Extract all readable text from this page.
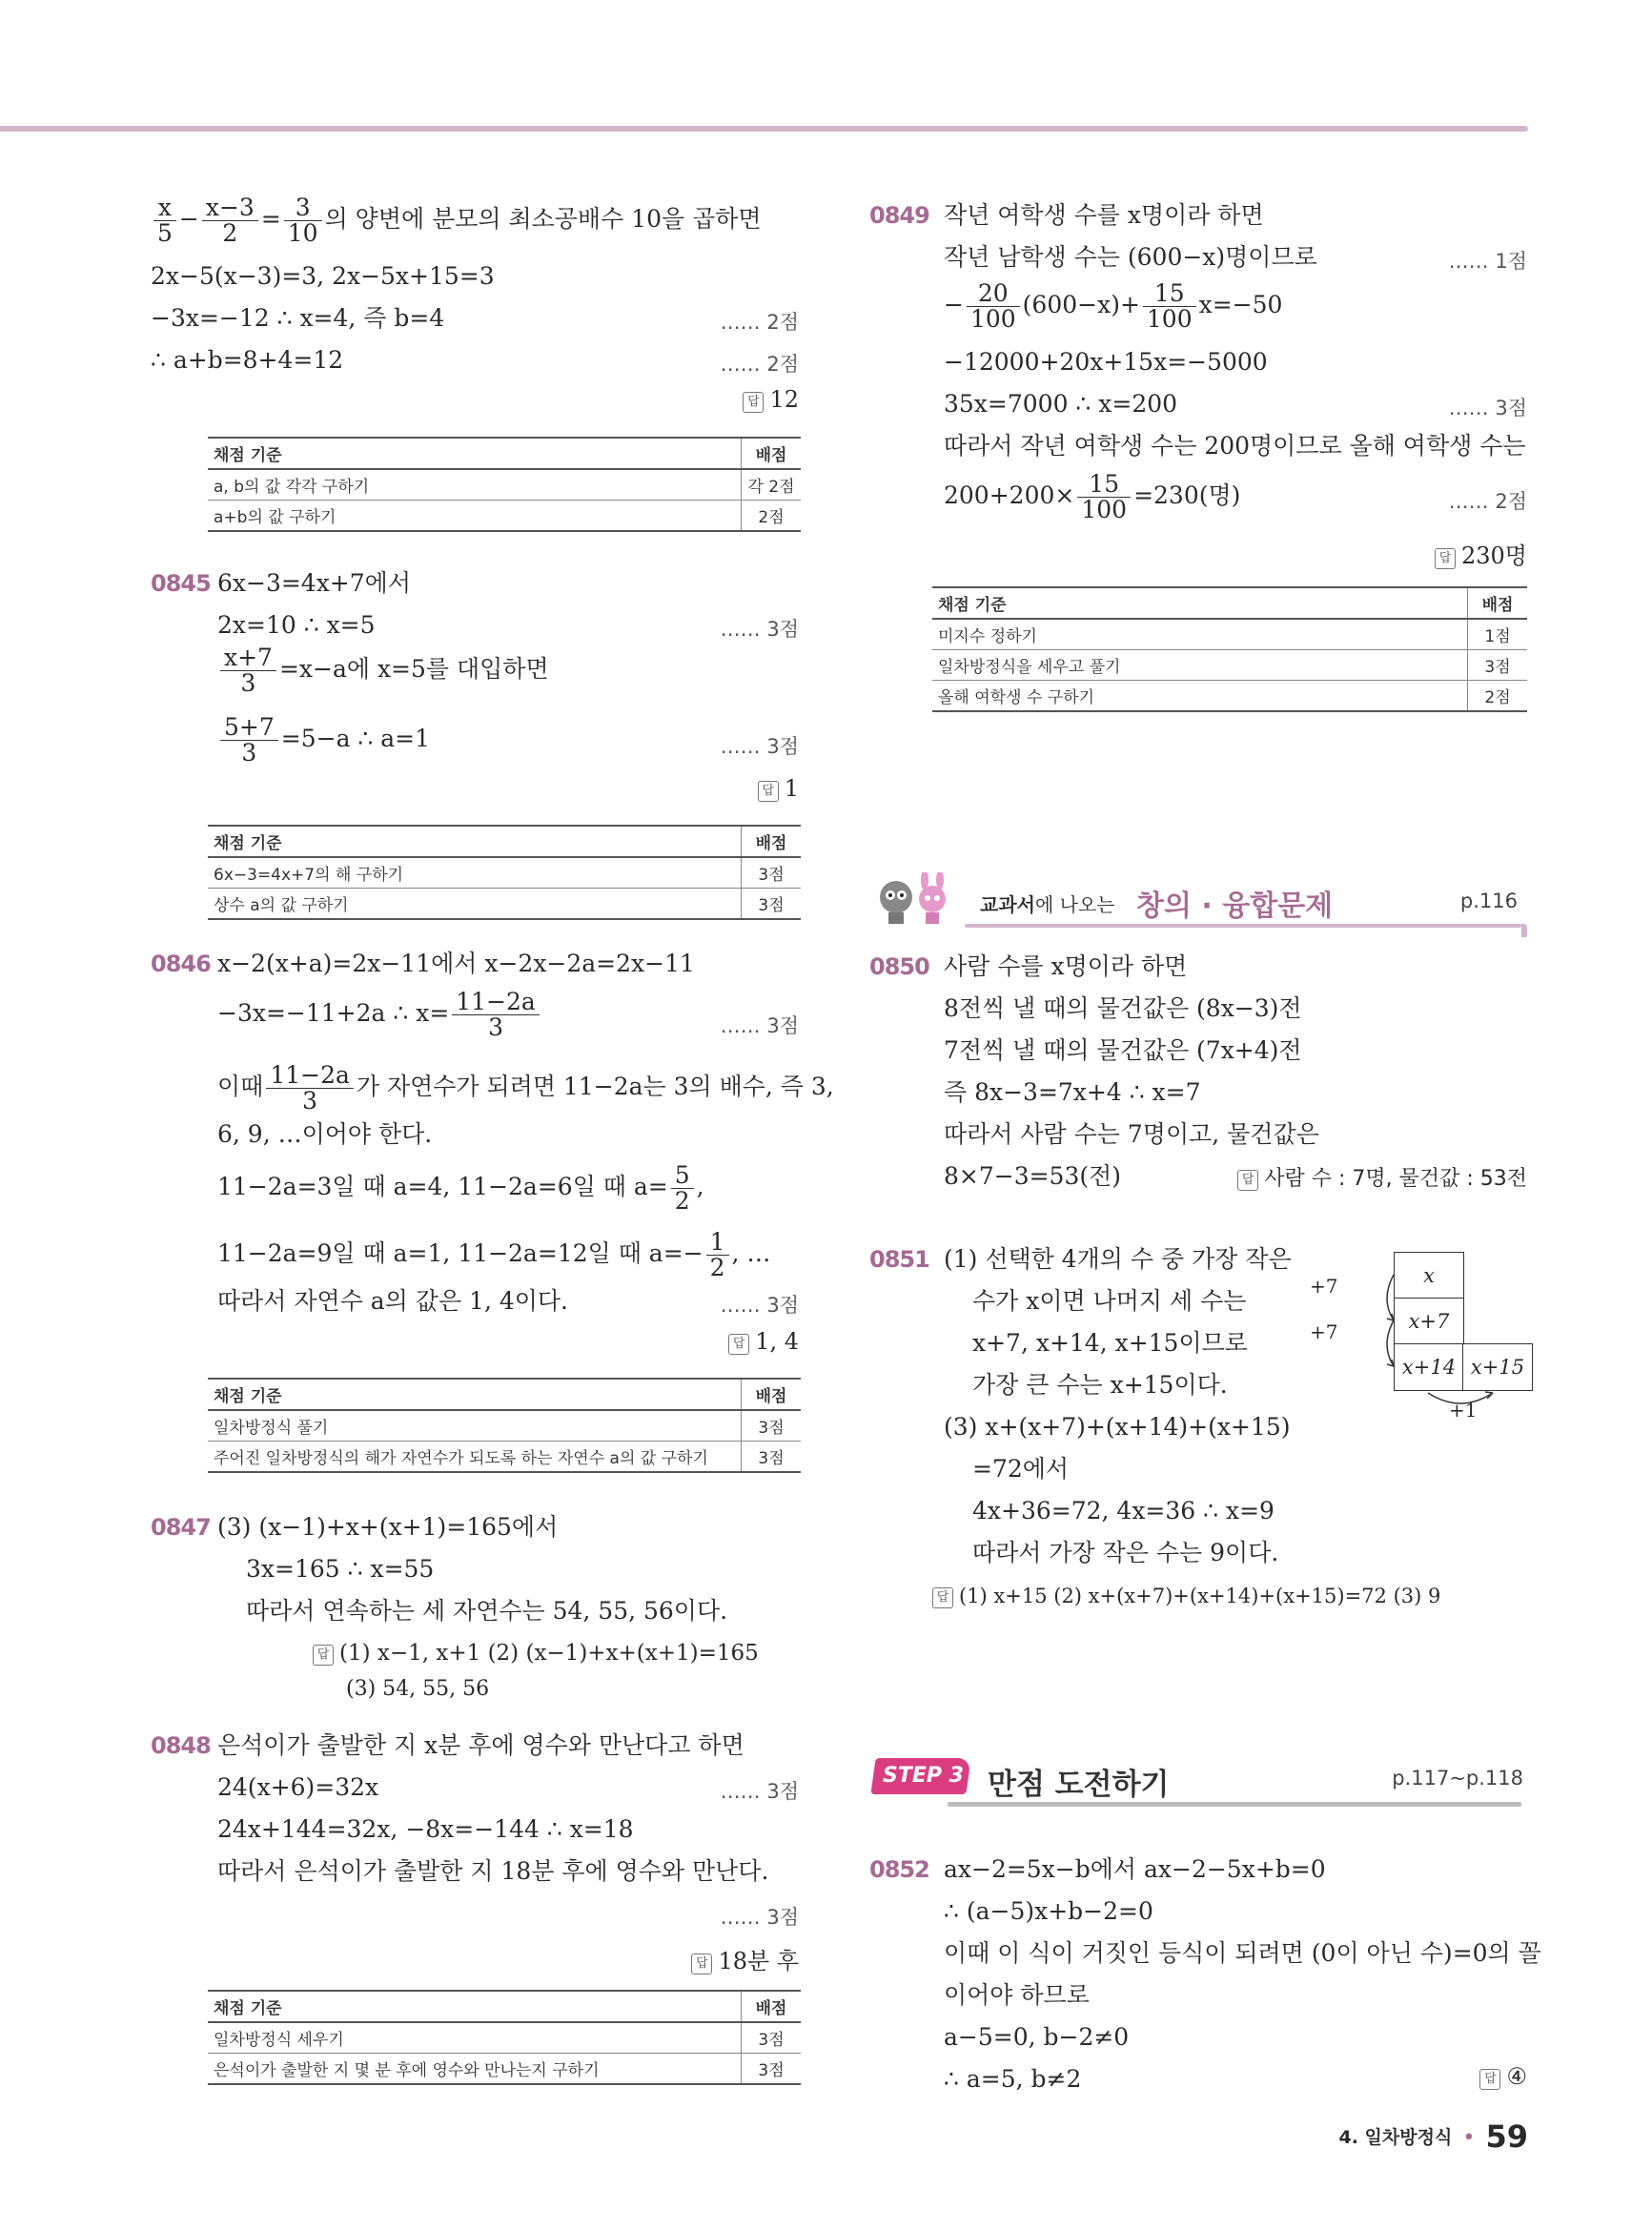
$\frac{x}{5} - \frac{x-3}{2} = \frac{3}{10}$ 의 양변에 분모의 최소공배수 10을 곱하면
2x−5(x−3)=3, 2x−5x+15=3
−3x=−12 ∴ x=4, 즉 b=4	…… 2점
∴ a+b=8+4=12	…… 2점
답 12
채점 기준	배점
a, b의 값 각각 구하기	각 2점
a+b의 값 구하기	2점
0845 6x−3=4x+7에서
2x=10 ∴ x=5	…… 3점
$\frac{x+7}{3} =x-a$에 x=5를 대입하면
$\frac{5+7}{3} =5-a$ ∴ a=1	…… 3점
답 1
채점 기준	배점
6x−3=4x+7의 해 구하기	3점
상수 a의 값 구하기	3점
0846 x−2(x+a)=2x−11에서 x−2x−2a=2x−11
−3x=−11+2a ∴ $x= \frac{11-2a}{3}$	…… 3점
이때 $\frac{11-2a}{3}$ 가 자연수가 되려면 11−2a는 3의 배수, 즉 3,
6, 9, …이어야 한다.
11−2a=3일 때 a=4, 11−2a=6일 때 $a= \frac{5}{2}$ ,
11−2a=9일 때 a=1, 11−2a=12일 때 $a=- \frac{1}{2}$ , …
따라서 자연수 a의 값은 1, 4이다.	…… 3점
답 1, 4
채점 기준	배점
일차방정식 풀기	3점
주어진 일차방정식의 해가 자연수가 되도록 하는 자연수 a의 값 구하기	3점
0847 (3) (x−1)+x+(x+1)=165에서
3x=165 ∴ x=55
따라서 연속하는 세 자연수는 54, 55, 56이다.
답 (1) x−1, x+1 (2) (x−1)+x+(x+1)=165
(3) 54, 55, 56
0848 은석이가 출발한 지 x분 후에 영수와 만난다고 하면
24(x+6)=32x	…… 3점
24x+144=32x, −8x=−144 ∴ x=18
따라서 은석이가 출발한 지 18분 후에 영수와 만난다.
…… 3점
답 18분 후
채점 기준	배점
일차방정식 세우기	3점
은석이가 출발한 지 몇 분 후에 영수와 만나는지 구하기	3점
0849 작년 여학생 수를 x명이라 하면
작년 남학생 수는 (600−x)명이므로	…… 1점
− $\frac{20}{100} (600-x)+ \frac{15}{100} x=-50$
−12000+20x+15x=−5000
35x=7000 ∴ x=200	…… 3점
따라서 작년 여학생 수는 200명이므로 올해 여학생 수는
$200+200\times \frac{15}{100} =230$(명)	…… 2점
답 230명
채점 기준	배점
미지수 정하기	1점
일차방정식을 세우고 풀기	3점
올해 여학생 수 구하기	2점
교과서에 나오는 창의 · 융합문제	p.116
0850 사람 수를 x명이라 하면
8전씩 낼 때의 물건값은 (8x−3)전
7전씩 낼 때의 물건값은 (7x+4)전
즉 8x−3=7x+4 ∴ x=7
따라서 사람 수는 7명이고, 물건값은
8×7−3=53(전)	답 사람 수 : 7명, 물건값 : 53전
0851 (1) 선택한 4개의 수 중 가장 작은
수가 x이면 나머지 세 수는
x+7, x+14, x+15이므로
가장 큰 수는 x+15이다.
(3) x+(x+7)+(x+14)+(x+15)
=72에서
4x+36=72, 4x=36 ∴ x=9
따라서 가장 작은 수는 9이다.
답 (1) x+15 (2) x+(x+7)+(x+14)+(x+15)=72 (3) 9
x
x+7
x+14 x+15
+7
+7
+1
STEP 3 만점 도전하기	p.117~p.118
0852 ax−2=5x−b에서 ax−2−5x+b=0
∴ (a−5)x+b−2=0
이때 이 식이 거짓인 등식이 되려면 (0이 아닌 수)=0의 꼴
이어야 하므로
a−5=0, b−2≠0
∴ a=5, b≠2	답 ④
4. 일차방정식 • 59
